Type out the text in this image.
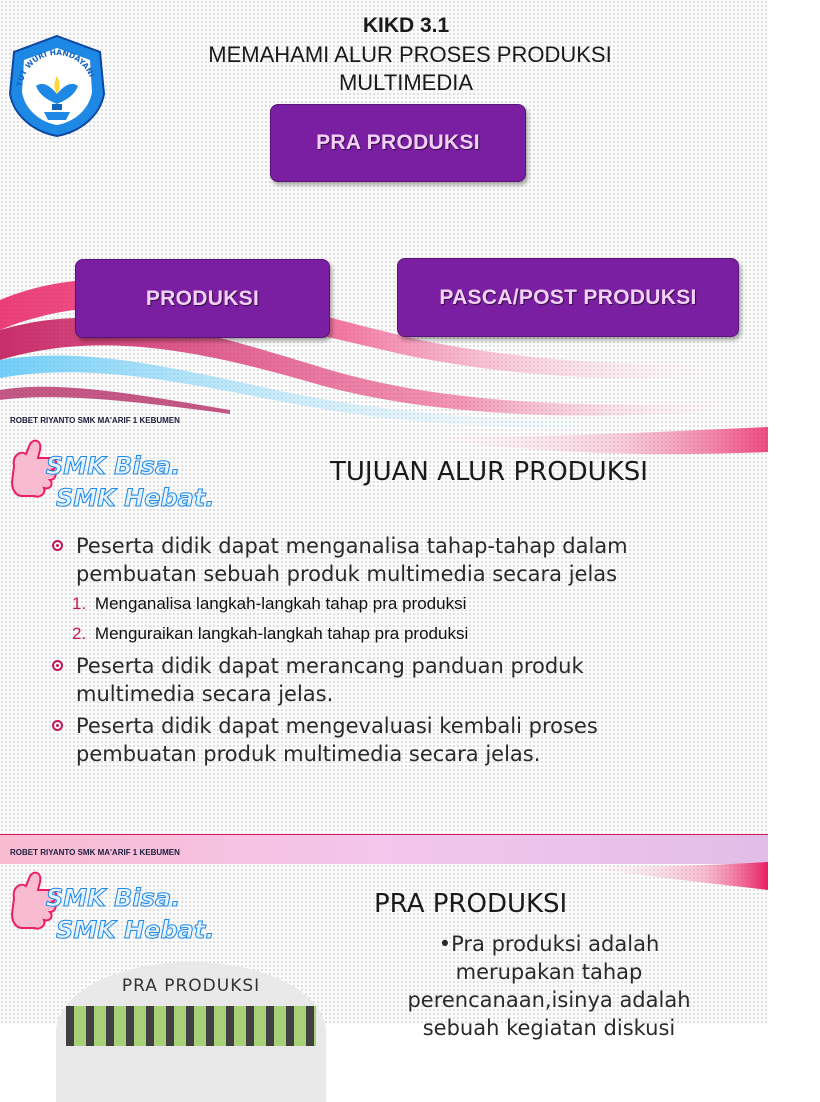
TUT WURI HANDAYANI
KIKD 3.1
MEMAHAMI ALUR PROSES PRODUKSI
MULTIMEDIA
PRA PRODUKSI
PRODUKSI	PASCA/POST PRODUKSI
ROBET RIYANTO SMK MA'ARIF 1 KEBUMEN
SMK Bisa.
SMK Hebat.
TUJUAN ALUR PRODUKSI
Peserta didik dapat menganalisa tahap-tahap dalam pembuatan sebuah produk multimedia secara jelas
1. Menganalisa langkah-langkah tahap pra produksi
2. Menguraikan langkah-langkah tahap pra produksi
Peserta didik dapat merancang panduan produk multimedia secara jelas.
Peserta didik dapat mengevaluasi kembali proses pembuatan produk multimedia secara jelas.
ROBET RIYANTO SMK MA'ARIF 1 KEBUMEN
SMK Bisa.
SMK Hebat.
PRA PRODUKSI
PRA PRODUKSI
•Pra produksi adalah
merupakan tahap
perencanaan,isinya adalah
sebuah kegiatan diskusi
